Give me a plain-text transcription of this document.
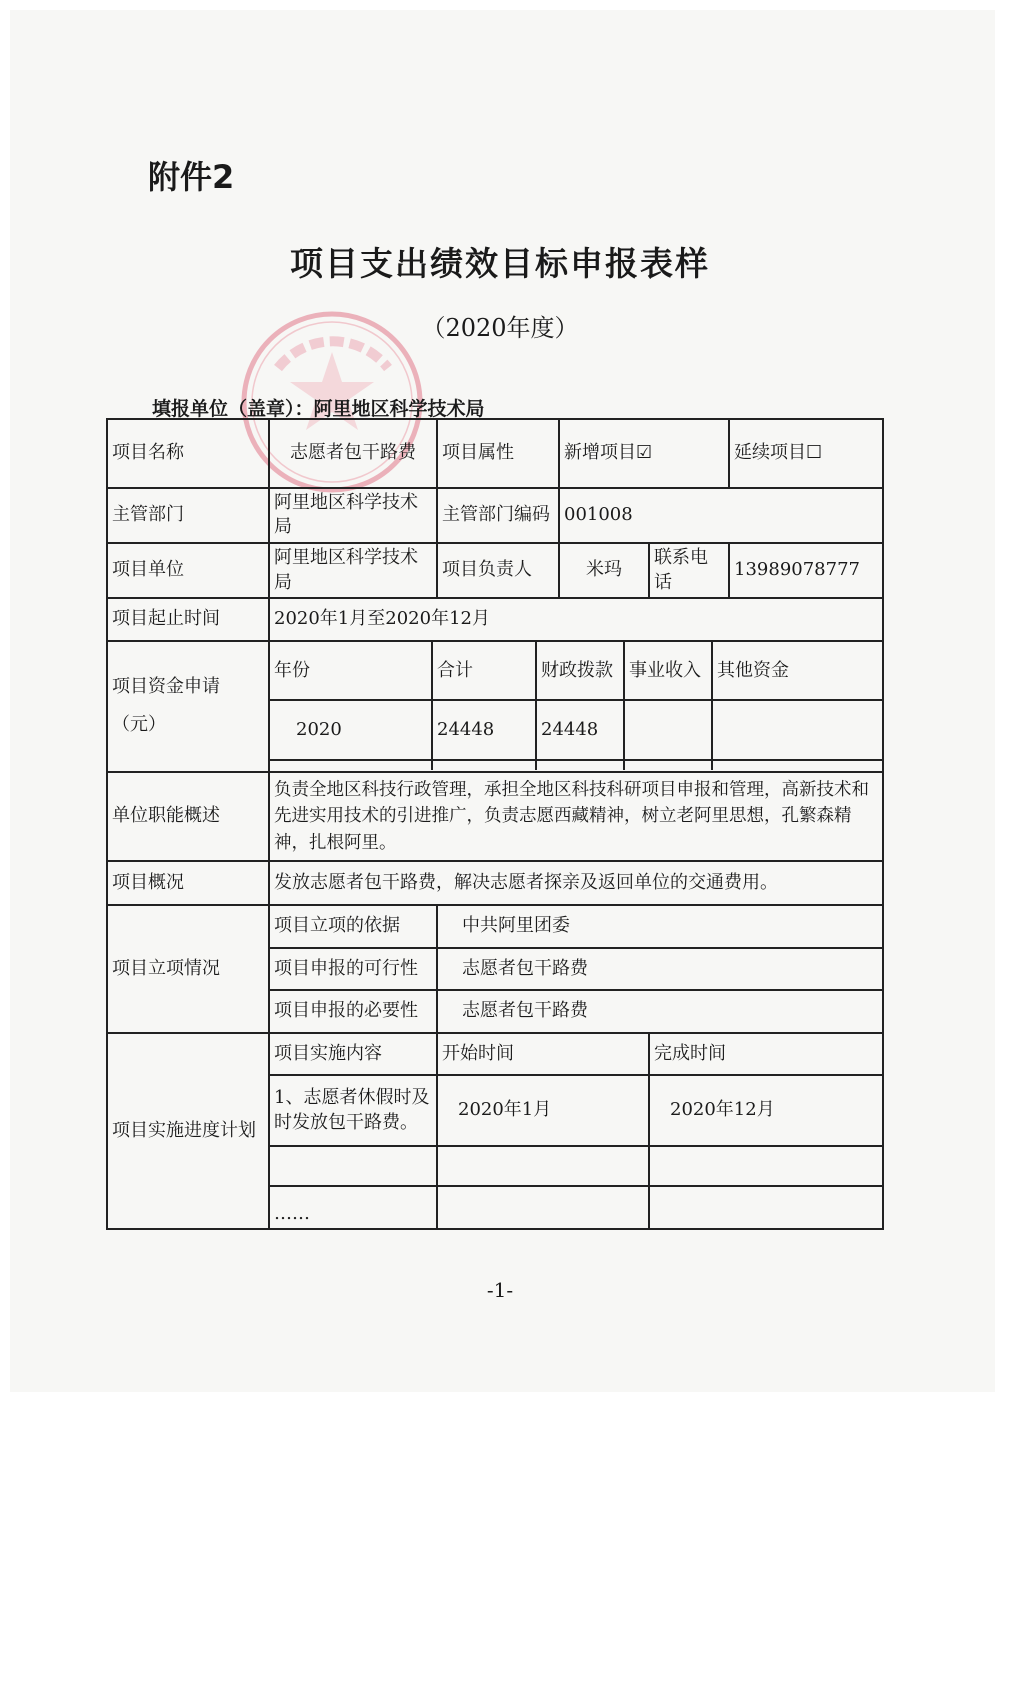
附件2
项目支出绩效目标申报表样
（2020年度）
填报单位（盖章）：阿里地区科学技术局
项目名称	志愿者包干路费	项目属性	新增项目☑	延续项目☐
主管部门	阿里地区科学技术局	主管部门编码	001008
项目单位	阿里地区科学技术局	项目负责人	米玛	联系电话	13989078777
项目起止时间	2020年1月至2020年12月

项目资金申请
（元）

年份	合计	财政拨款	事业收入	其他资金
2020	24448	24448		

单位职能概述	负责全地区科技行政管理，承担全地区科技科研项目申报和管理，高新技术和先进实用技术的引进推广，负责志愿西藏精神，树立老阿里思想，孔繁森精神，扎根阿里。
项目概况	发放志愿者包干路费，解决志愿者探亲及返回单位的交通费用。
项目立项情况	项目立项的依据	中共阿里团委
项目申报的可行性	志愿者包干路费
项目申报的必要性	志愿者包干路费
项目实施进度计划	项目实施内容	开始时间	完成时间
1、志愿者休假时及时发放包干路费。	2020年1月	2020年12月

……		
-1-
